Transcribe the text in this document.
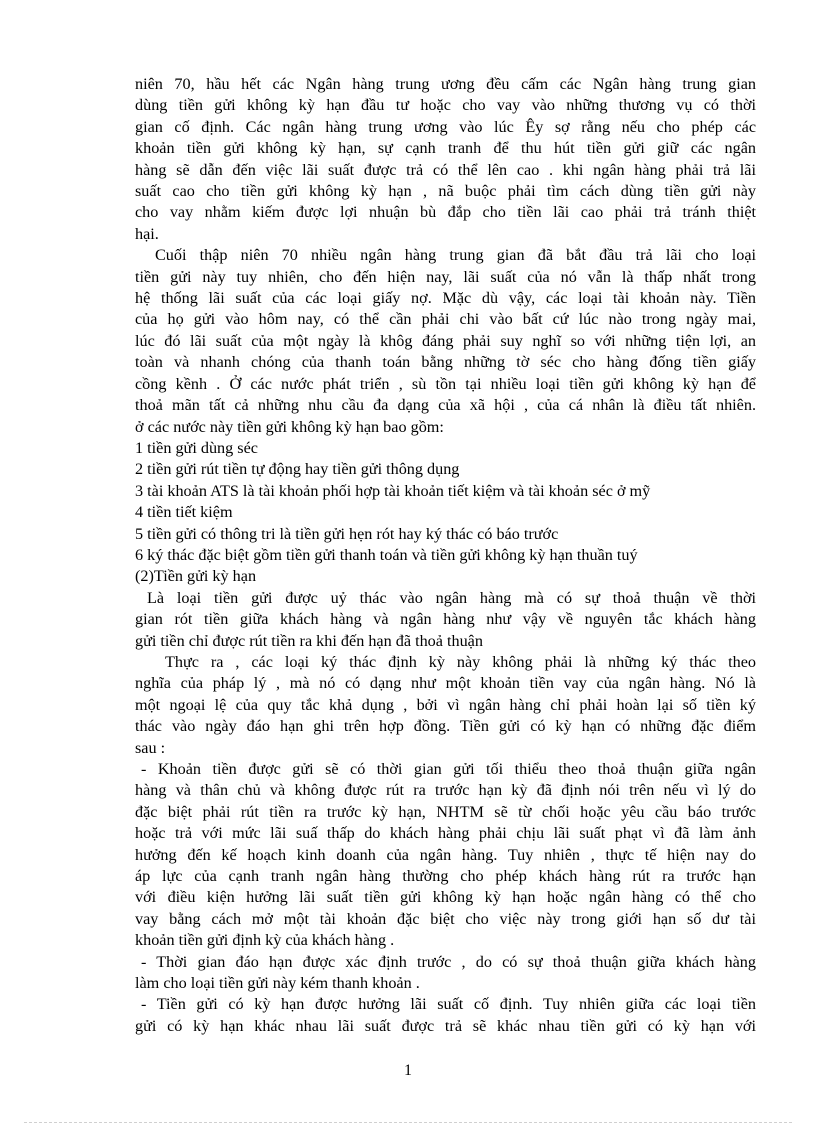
niên 70, hầu hết các Ngân hàng trung ương đều cấm các Ngân hàng trung gian
dùng tiền gửi không kỳ hạn đầu tư hoặc cho vay vào những thương vụ có thời
gian cố định. Các ngân hàng trung ương vào lúc Êy sợ rằng nếu cho phép các
khoản tiền gửi không kỳ hạn, sự cạnh tranh để thu hút tiền gửi giữ các ngân
hàng sẽ dẫn đến việc lãi suất được trả có thể lên cao . khi ngân hàng phải trả lãi
suất cao cho tiền gửi không kỳ hạn , nã buộc phải tìm cách dùng tiền gửi này
cho vay nhằm kiếm được lợi nhuận bù đắp cho tiền lãi cao phải trả tránh thiệt
hại.
Cuối thập niên 70 nhiều ngân hàng trung gian đã bắt đầu trả lãi cho loại
tiền gửi này tuy nhiên, cho đến hiện nay, lãi suất của nó vẫn là thấp nhất trong
hệ thống lãi suất của các loại giấy nợ. Mặc dù vậy, các loại tài khoản này. Tiền
của họ gửi vào hôm nay, có thể cần phải chi vào bất cứ lúc nào trong ngày mai,
lúc đó lãi suất của một ngày là khôg đáng phải suy nghĩ so với những tiện lợi, an
toàn và nhanh chóng của thanh toán bằng những tờ séc cho hàng đống tiền giấy
cồng kềnh . Ở các nước phát triển , sù tồn tại nhiều loại tiền gửi không kỳ hạn để
thoả mãn tất cả những nhu cầu đa dạng của xã hội , của cá nhân là điều tất nhiên.
ở các nước này tiền gửi không kỳ hạn bao gồm:
1 tiền gửi dùng séc
2 tiền gửi rút tiền tự động hay tiền gửi thông dụng
3 tài khoản ATS là tài khoản phối hợp tài khoản tiết kiệm và tài khoản séc ở mỹ
4 tiền tiết kiệm
5 tiền gửi có thông tri là tiền gửi hẹn rót hay ký thác có báo trước
6 ký thác đặc biệt gồm tiền gửi thanh toán và tiền gửi không kỳ hạn thuần tuý
(2)Tiền gửi kỳ hạn
Là loại tiền gửi được uỷ thác vào ngân hàng mà có sự thoả thuận về thời
gian rót tiền giữa khách hàng và ngân hàng như vậy về nguyên tắc khách hàng
gửi tiền chỉ được rút tiền ra khi đến hạn đã thoả thuận
Thực ra , các loại ký thác định kỳ này không phải là những ký thác theo
nghĩa của pháp lý , mà nó có dạng như một khoản tiền vay của ngân hàng. Nó là
một ngoại lệ của quy tắc khả dụng , bởi vì ngân hàng chỉ phải hoàn lại số tiền ký
thác vào ngày đáo hạn ghi trên hợp đồng. Tiền gửi có kỳ hạn có những đặc điểm
sau :
- Khoản tiền được gửi sẽ có thời gian gửi tối thiểu theo thoả thuận giữa ngân
hàng và thân chủ và không được rút ra trước hạn kỳ đã định nói trên nếu vì lý do
đặc biệt phải rút tiền ra trước kỳ hạn, NHTM sẽ từ chối hoặc yêu cầu báo trước
hoặc trả với mức lãi suấ thấp do khách hàng phải chịu lãi suất phạt vì đã làm ảnh
hưởng đến kế hoạch kinh doanh của ngân hàng. Tuy nhiên , thực tế hiện nay do
áp lực của cạnh tranh ngân hàng thường cho phép khách hàng rút ra trước hạn
với điều kiện hưởng lãi suất tiền gửi không kỳ hạn hoặc ngân hàng có thể cho
vay bằng cách mở một tài khoản đặc biệt cho việc này trong giới hạn số dư tài
khoản tiền gửi định kỳ của khách hàng .
- Thời gian đáo hạn được xác định trước , do có sự thoả thuận giữa khách hàng
làm cho loại tiền gửi này kém thanh khoản .
- Tiền gửi có kỳ hạn được hưởng lãi suất cố định. Tuy nhiên giữa các loại tiền
gửi có kỳ hạn khác nhau lãi suất được trả sẽ khác nhau tiền gửi có kỳ hạn với
1
